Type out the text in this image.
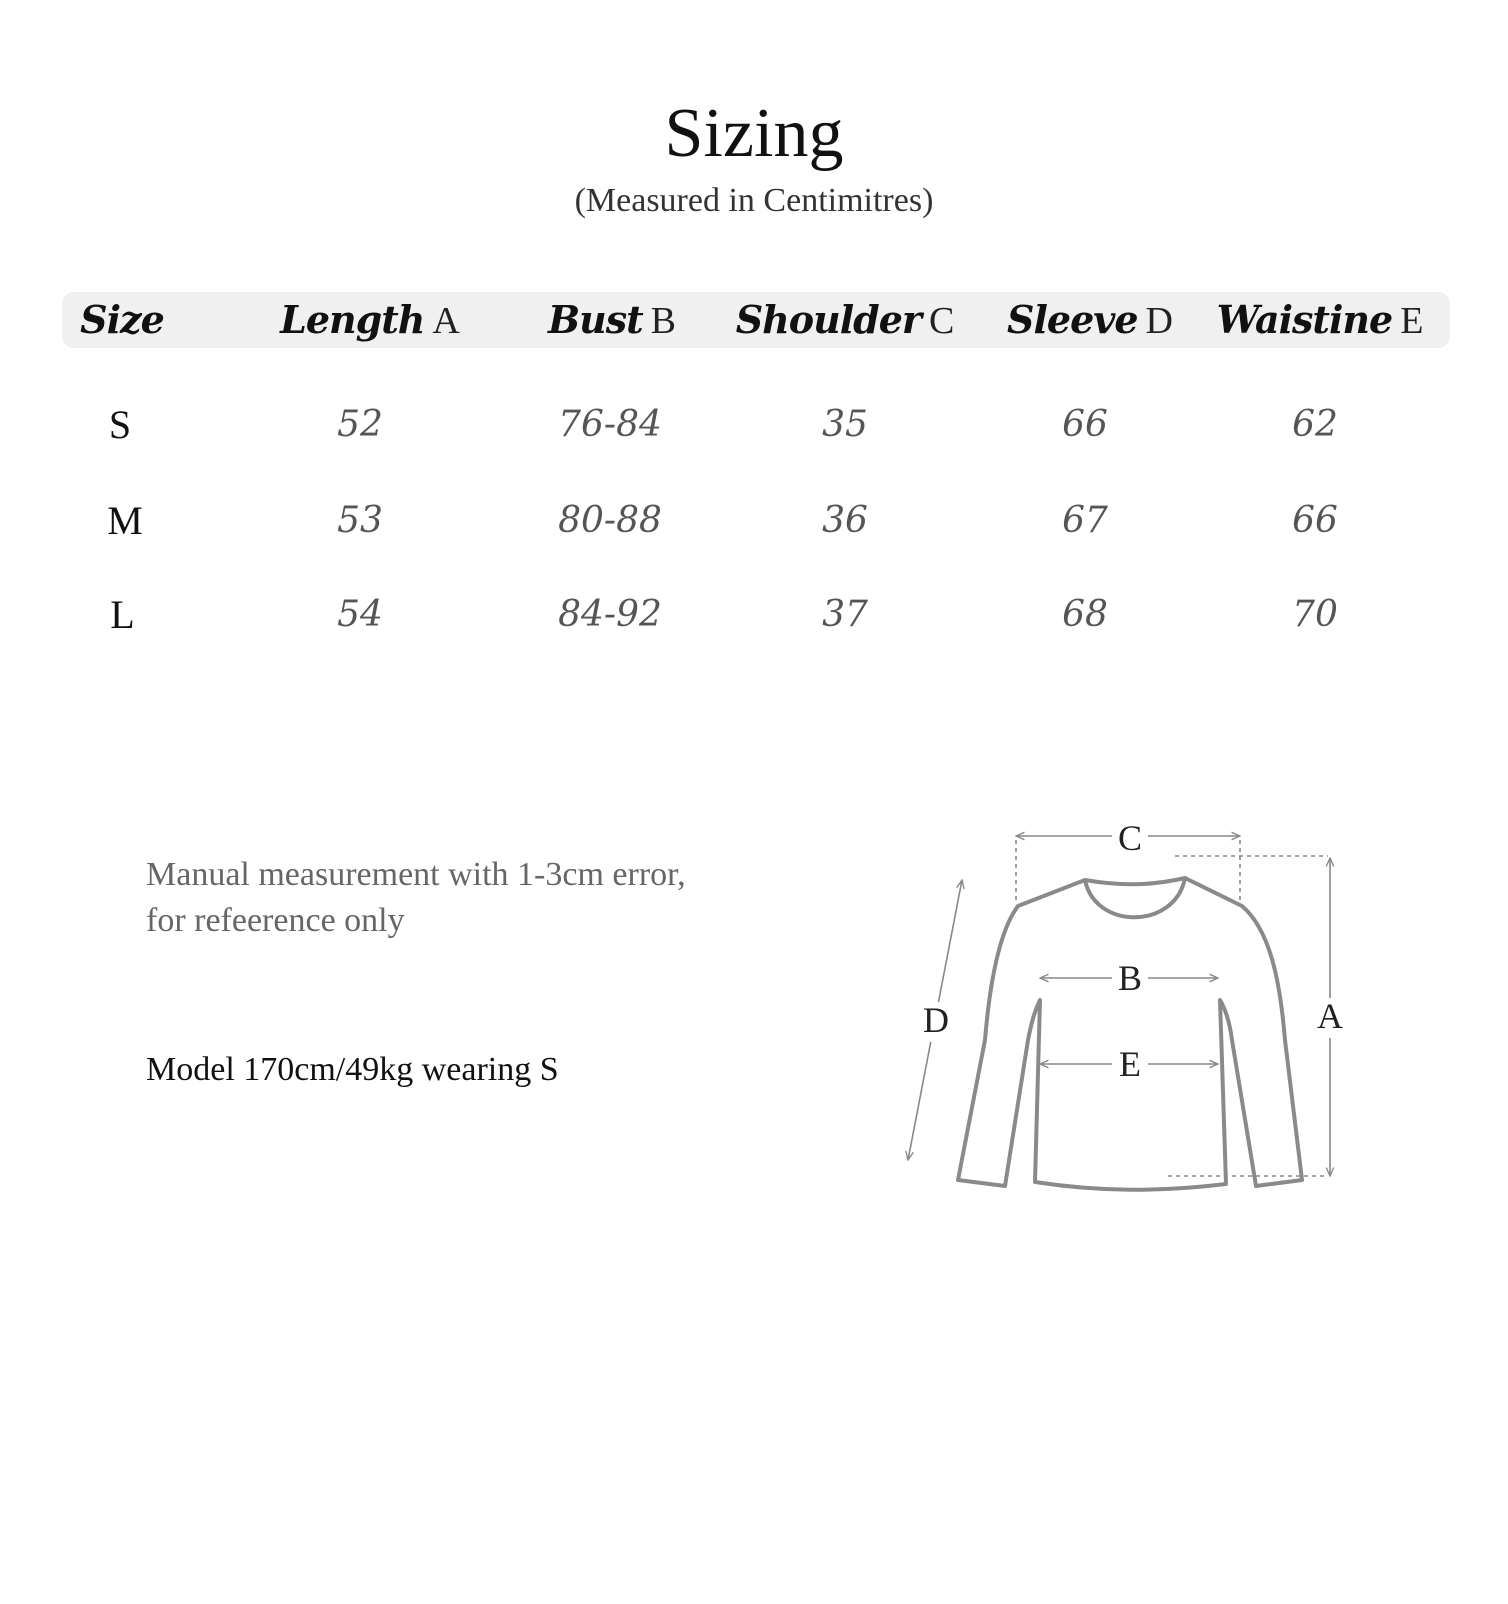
Sizing
(Measured in Centimitres)
Size	Length A	Bust B	Shoulder C	Sleeve D	Waistine E
S	52	76-84	35	66	62
M	53	80-88	36	67	66
L	54	84-92	37	68	70
Manual measurement with 1-3cm error,
for refeerence only
Model 170cm/49kg wearing S
C
B
E
A
D
